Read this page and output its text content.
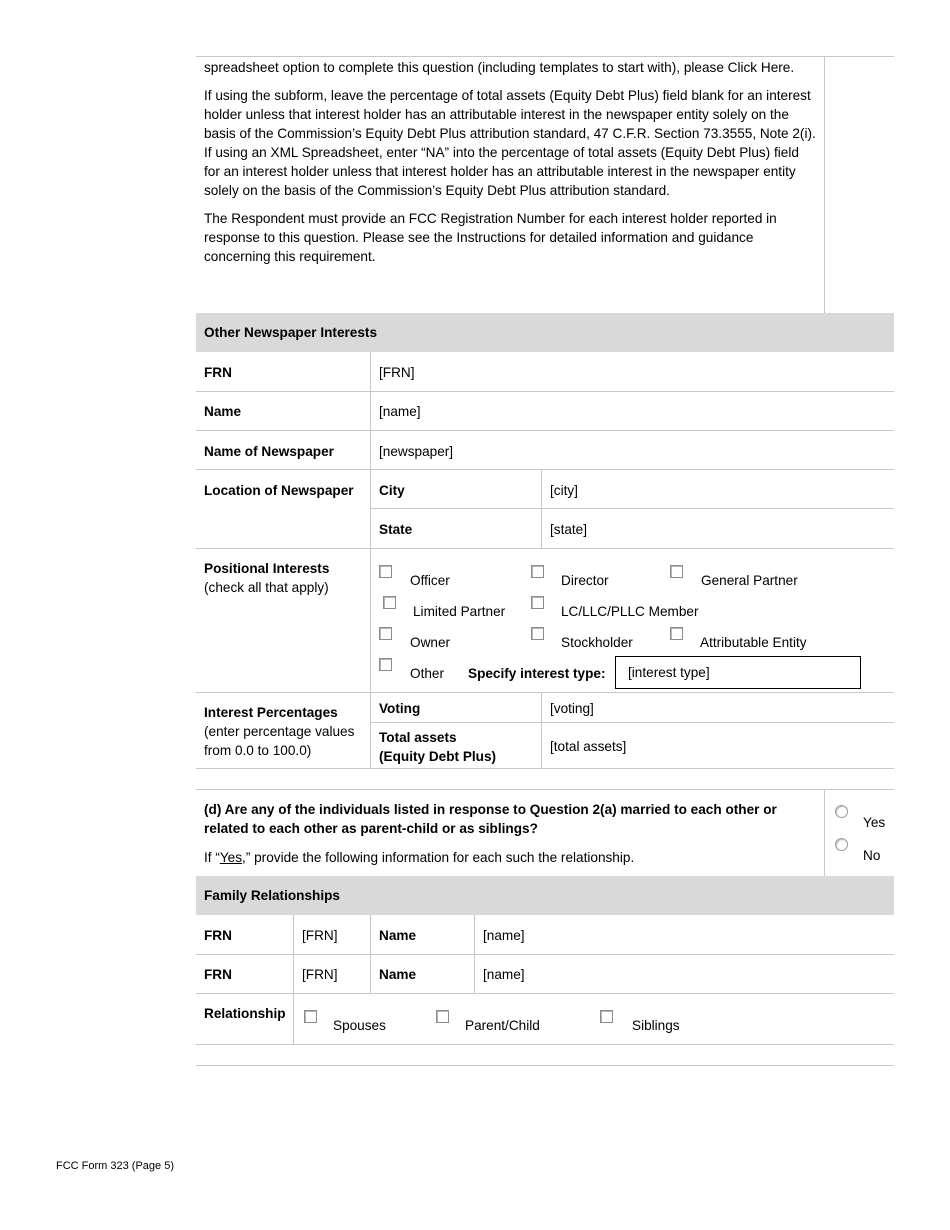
spreadsheet option to complete this question (including templates to start with), please Click Here.

If using the subform, leave the percentage of total assets (Equity Debt Plus) field blank for an interest holder unless that interest holder has an attributable interest in the newspaper entity solely on the basis of the Commission’s Equity Debt Plus attribution standard, 47 C.F.R. Section 73.3555, Note 2(i). If using an XML Spreadsheet, enter “NA” into the percentage of total assets (Equity Debt Plus) field for an interest holder unless that interest holder has an attributable interest in the newspaper entity solely on the basis of the Commission’s Equity Debt Plus attribution standard.

The Respondent must provide an FCC Registration Number for each interest holder reported in response to this question. Please see the Instructions for detailed information and guidance concerning this requirement.

Other Newspaper Interests
FRN	[FRN]
Name	[name]
Name of Newspaper	[newspaper]
Location of Newspaper City	[city]
State	[state]
Positional Interests
(check all that apply)	Officer	Director	General Partner
Limited Partner	LC/LLC/PLLC Member
Owner	Stockholder	Attributable Entity
Other Specify interest type: [interest type]
Interest Percentages
(enter percentage values
from 0.0 to 100.0)
Voting	[voting]
Total assets
(Equity Debt Plus)
[total assets]
(d) Are any of the individuals listed in response to Question 2(a) married to each other or
related to each other as parent-child or as siblings?
If “Yes,” provide the following information for each such the relationship.
Yes
No
Family Relationships
FRN	[FRN]	Name	[name]
FRN	[FRN]	Name	[name]
Relationship
Spouses	Parent/Child	Siblings
FCC Form 323 (Page 5)
